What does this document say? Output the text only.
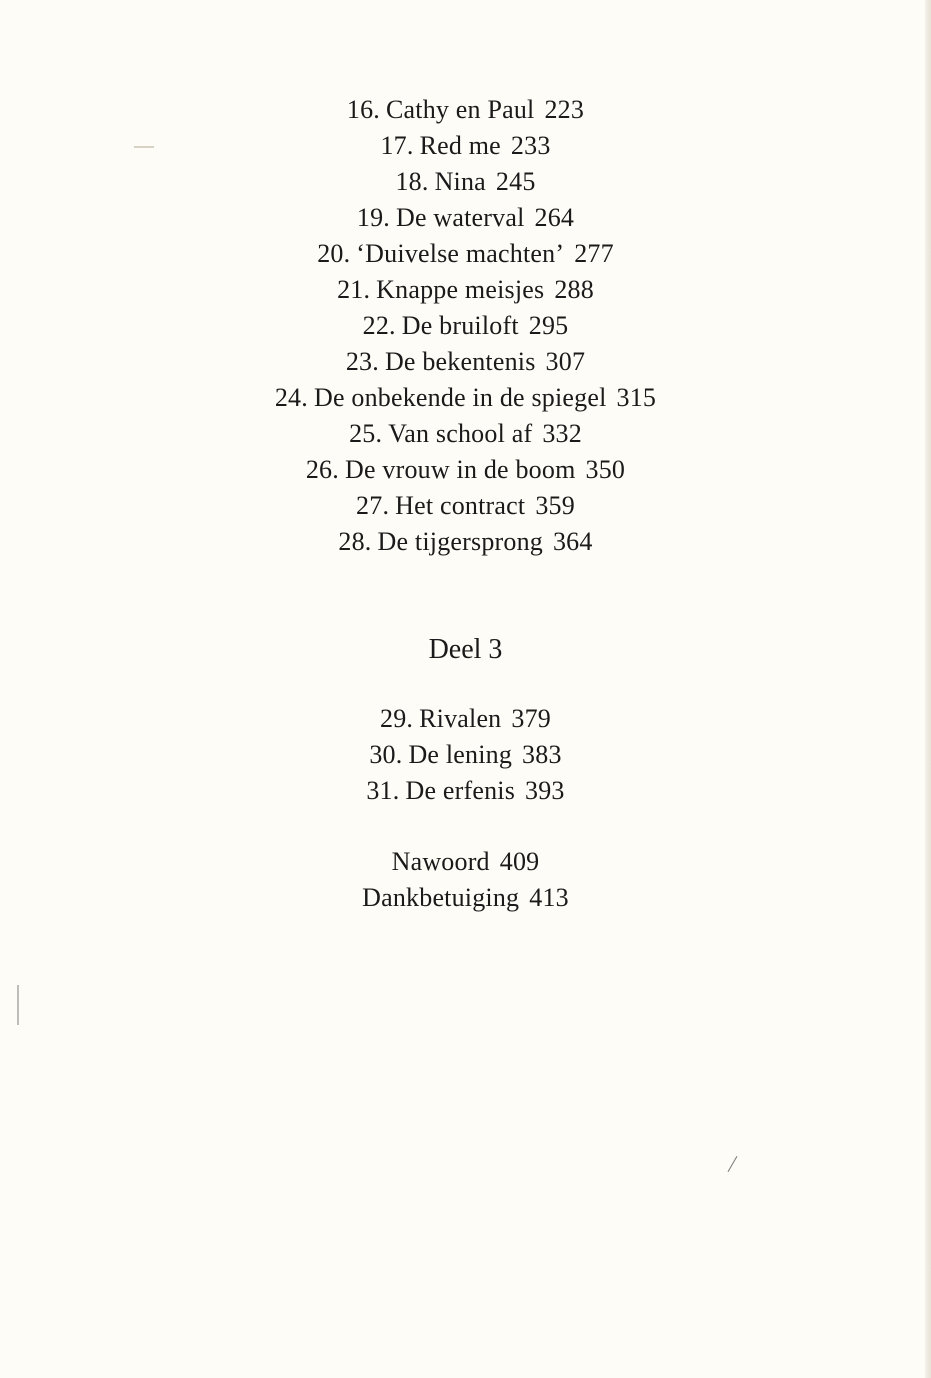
16. Cathy en Paul 223
17. Red me 233
18. Nina 245
19. De waterval 264
20. ‘Duivelse machten’ 277
21. Knappe meisjes 288
22. De bruiloft 295
23. De bekentenis 307
24. De onbekende in de spiegel 315
25. Van school af 332
26. De vrouw in de boom 350
27. Het contract 359
28. De tijgersprong 364
Deel 3
29. Rivalen 379
30. De lening 383
31. De erfenis 393
Nawoord 409
Dankbetuiging 413
